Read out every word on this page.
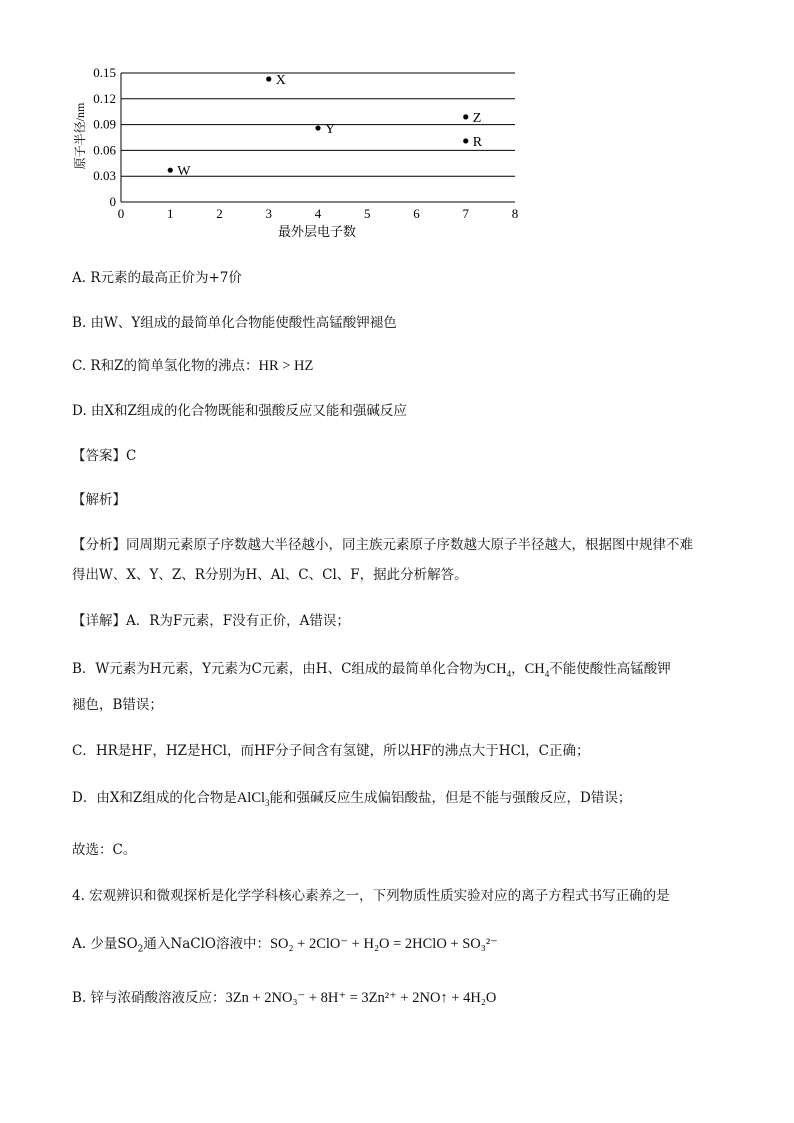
0
0.03
0.06
0.09
0.12
0.15
0	1	2	3	4	5	6	7	8
W
X
Y
Z
R
最外层电子数
原子半径/nm
A. R元素的最高正价为+7价
B. 由W、Y组成的最简单化合物能使酸性高锰酸钾褪色
C. R和Z的简单氢化物的沸点：HR > HZ
D. 由X和Z组成的化合物既能和强酸反应又能和强碱反应
【答案】C
【解析】
【分析】同周期元素原子序数越大半径越小，同主族元素原子序数越大原子半径越大，根据图中规律不难
得出W、X、Y、Z、R分别为H、Al、C、Cl、F，据此分析解答。
【详解】A．R为F元素，F没有正价，A错误；
B．W元素为H元素，Y元素为C元素，由H、C组成的最简单化合物为$CH_4$，$CH_4$不能使酸性高锰酸钾
褪色，B错误；
C．HR是HF，HZ是HCl，而HF分子间含有氢键，所以HF的沸点大于HCl，C正确；
D．由X和Z组成的化合物是AlCl$_3$能和强碱反应生成偏铝酸盐，但是不能与强酸反应，D错误；
故选：C。
4. 宏观辨识和微观探析是化学学科核心素养之一，下列物质性质实验对应的离子方程式书写正确的是
A. 少量$SO_2$通入NaClO溶液中：SO₂ + 2ClO⁻ + H₂O = 2HClO + SO₃²⁻
B. 锌与浓硝酸溶液反应：3Zn + 2NO₃⁻ + 8H⁺ = 3Zn²⁺ + 2NO↑ + 4H₂O
